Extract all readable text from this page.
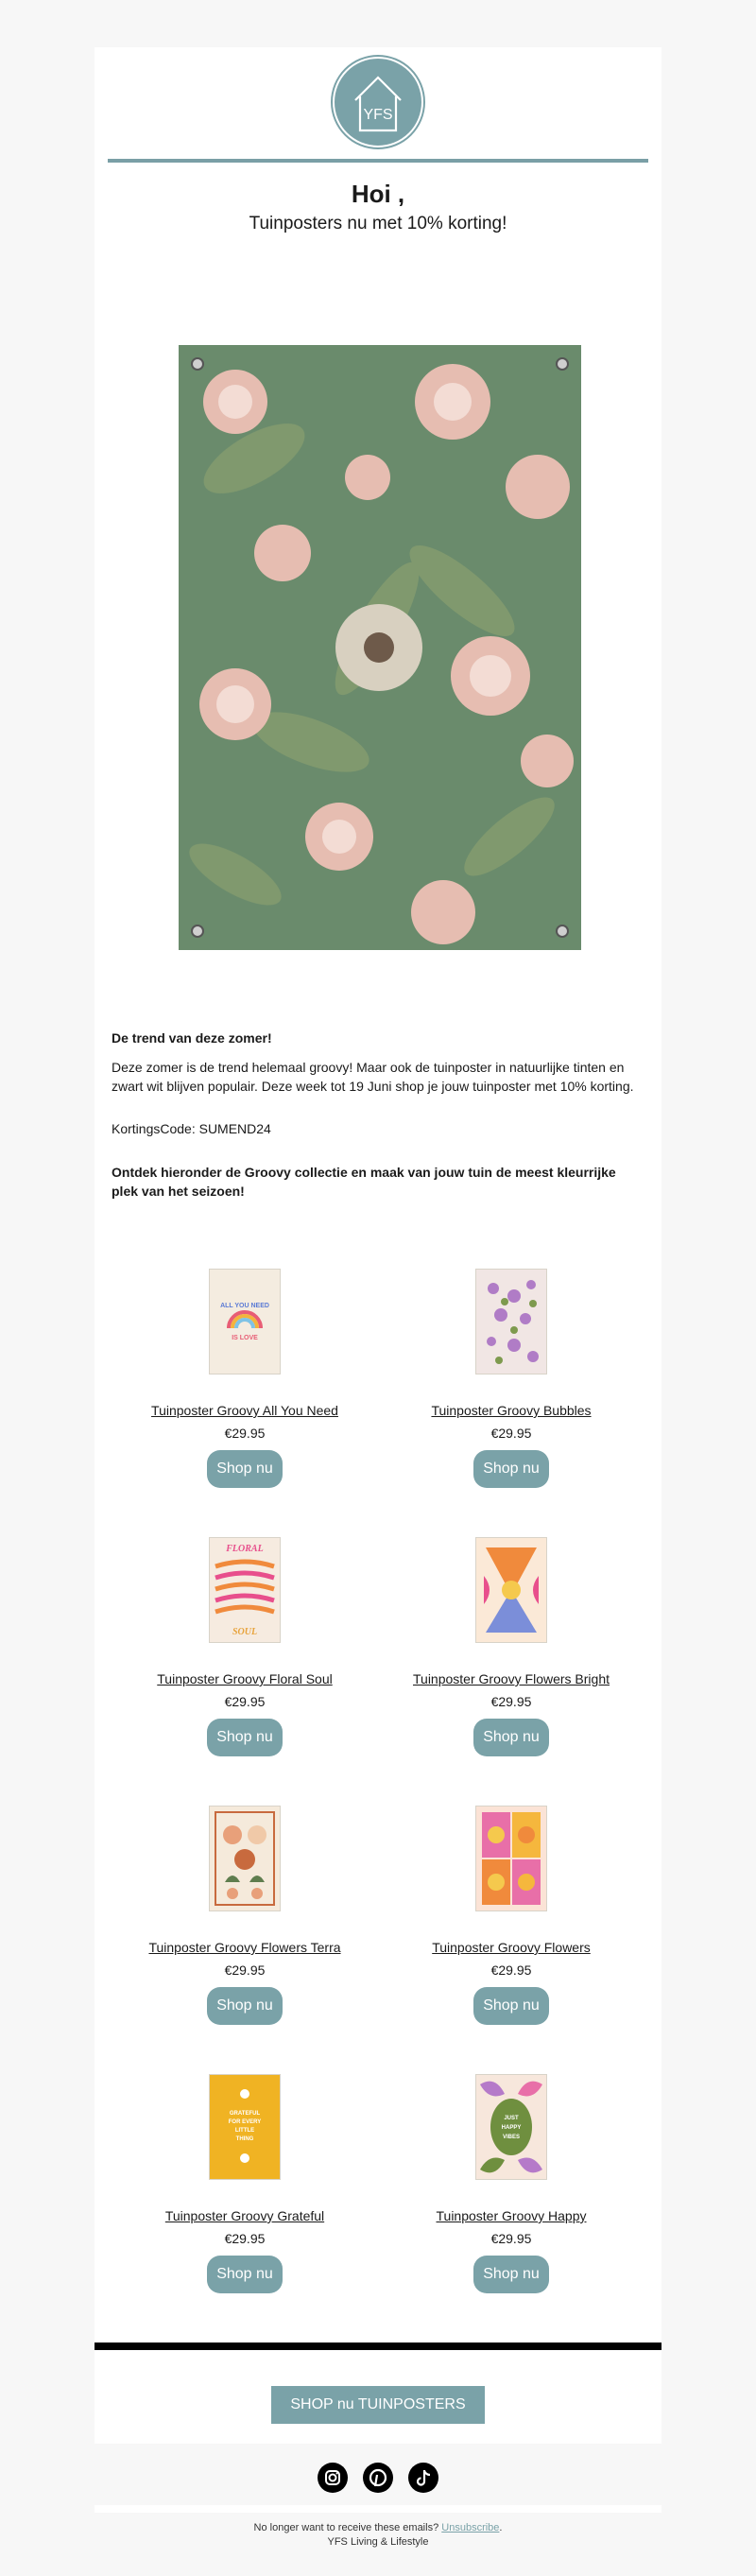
YFS
Hoi ,
Tuinposters nu met 10% korting!
De trend van deze zomer!
Deze zomer is de trend helemaal groovy! Maar ook de tuinposter in natuurlijke tinten en zwart wit blijven populair. Deze week tot 19 Juni shop je jouw tuinposter met 10% korting.
KortingsCode: SUMEND24
Ontdek hieronder de Groovy collectie en maak van jouw tuin de meest kleurrijke plek van het seizoen!
ALL YOU NEED
IS LOVE
Tuinposter Groovy All You Need
€29.95
Shop nu
Tuinposter Groovy Bubbles
€29.95
Shop nu
FLORAL
SOUL
Tuinposter Groovy Floral Soul
€29.95
Shop nu
Tuinposter Groovy Flowers Bright
€29.95
Shop nu
Tuinposter Groovy Flowers Terra
€29.95
Shop nu
Tuinposter Groovy Flowers
€29.95
Shop nu
GRATEFUL
FOR EVERY
LITTLE
THING
Tuinposter Groovy Grateful
€29.95
Shop nu
JUST
HAPPY
VIBES
Tuinposter Groovy Happy
€29.95
Shop nu
SHOP nu TUINPOSTERS
No longer want to receive these emails? Unsubscribe.
YFS Living & Lifestyle
